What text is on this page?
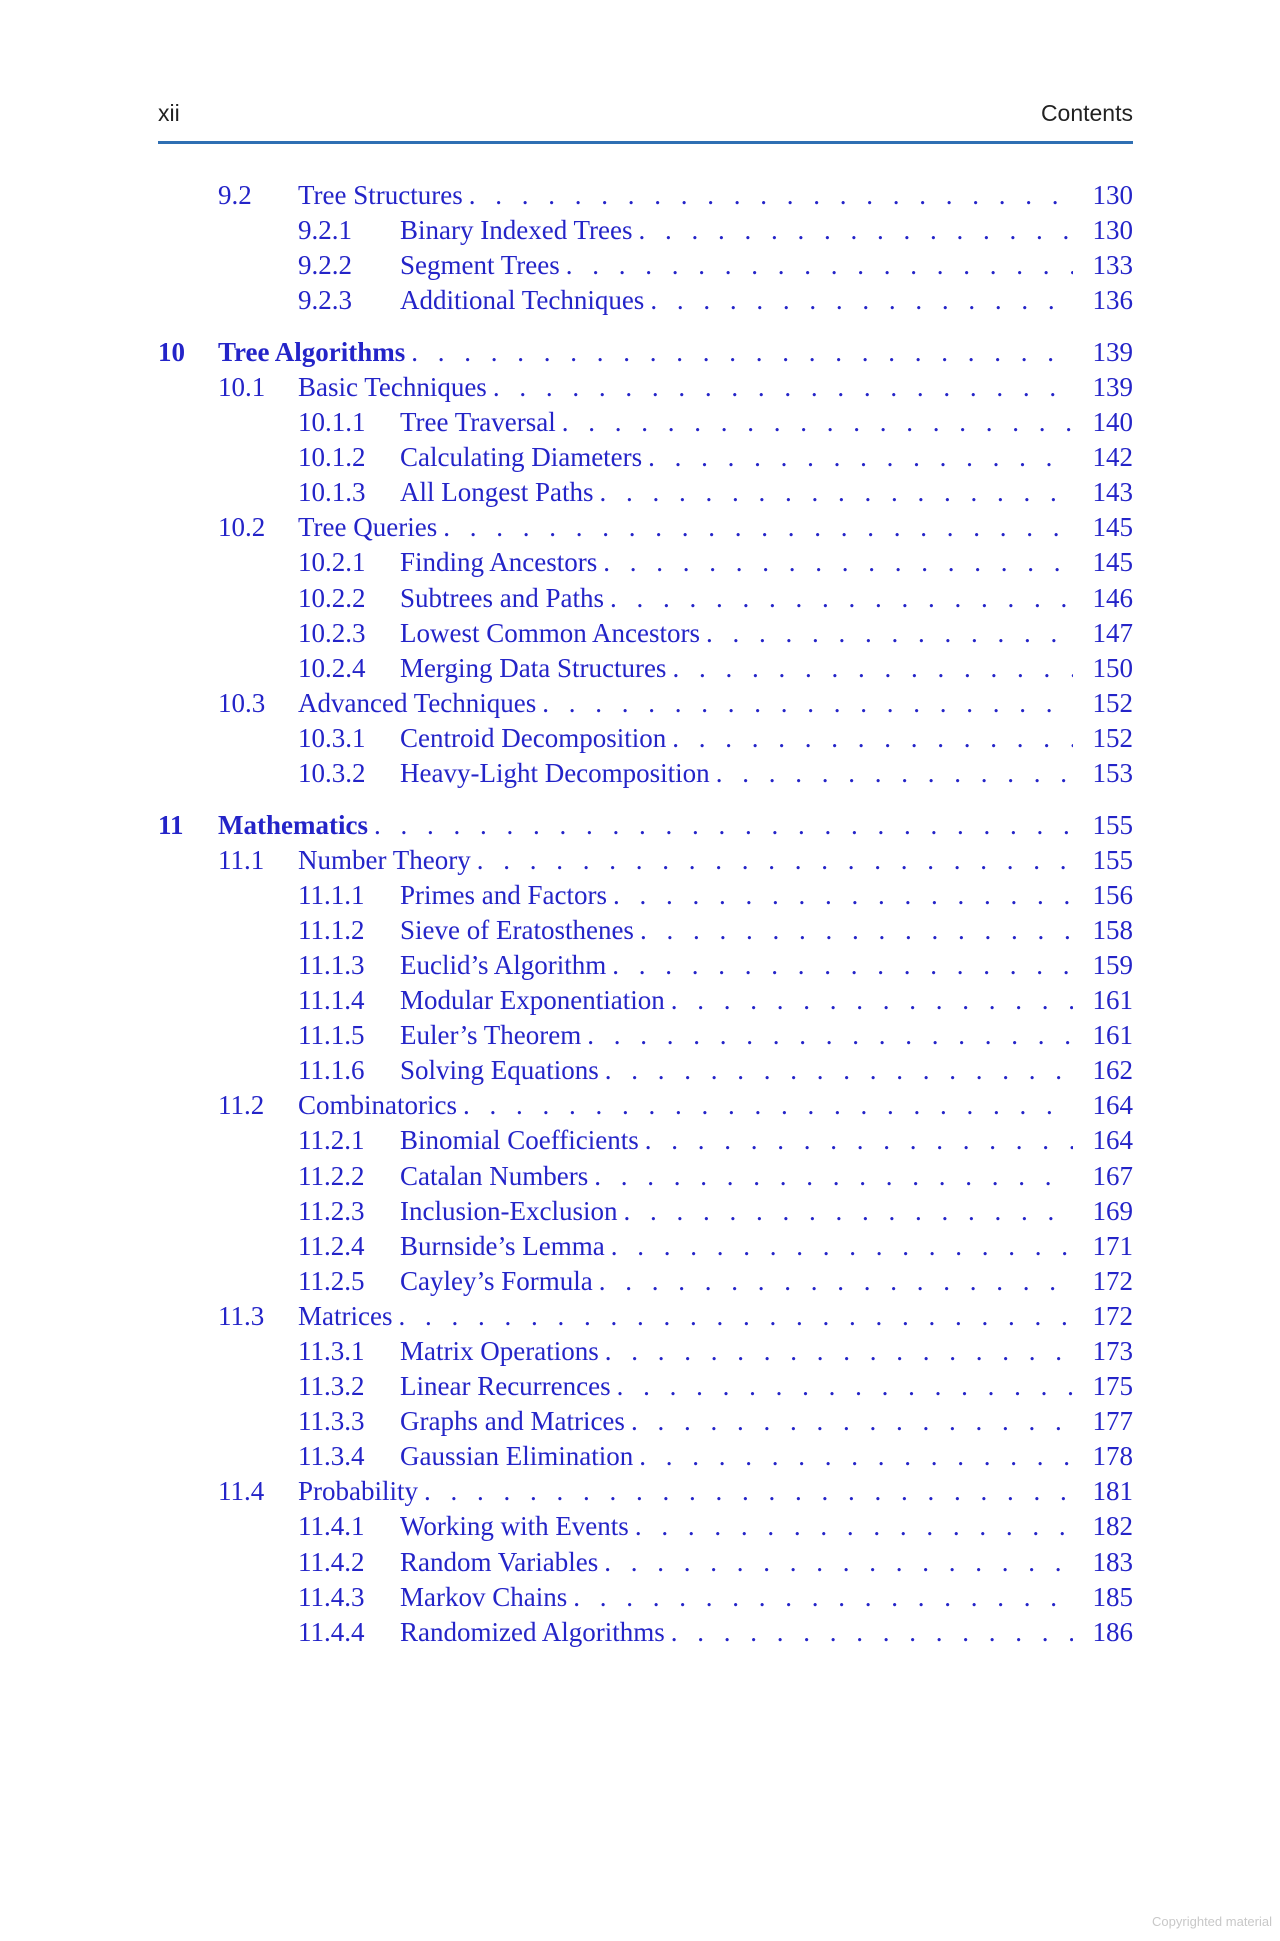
xii	Contents
9.2 Tree Structures . . .	130
9.2.1 Binary Indexed Trees . . .	130
9.2.2 Segment Trees . . .	133
9.2.3 Additional Techniques . . .	136
10 Tree Algorithms . . .	139
10.1 Basic Techniques . . .	139
10.1.1 Tree Traversal . . .	140
10.1.2 Calculating Diameters . . .	142
10.1.3 All Longest Paths . . .	143
10.2 Tree Queries . . .	145
10.2.1 Finding Ancestors . . .	145
10.2.2 Subtrees and Paths . . .	146
10.2.3 Lowest Common Ancestors . . .	147
10.2.4 Merging Data Structures . . .	150
10.3 Advanced Techniques . . .	152
10.3.1 Centroid Decomposition . . .	152
10.3.2 Heavy-Light Decomposition . . .	153
11 Mathematics . . .	155
11.1 Number Theory . . .	155
11.1.1 Primes and Factors . . .	156
11.1.2 Sieve of Eratosthenes . . .	158
11.1.3 Euclid’s Algorithm . . .	159
11.1.4 Modular Exponentiation . . .	161
11.1.5 Euler’s Theorem . . .	161
11.1.6 Solving Equations . . .	162
11.2 Combinatorics . . .	164
11.2.1 Binomial Coefficients . . .	164
11.2.2 Catalan Numbers . . .	167
11.2.3 Inclusion-Exclusion . . .	169
11.2.4 Burnside’s Lemma . . .	171
11.2.5 Cayley’s Formula . . .	172
11.3 Matrices . . .	172
11.3.1 Matrix Operations . . .	173
11.3.2 Linear Recurrences . . .	175
11.3.3 Graphs and Matrices . . .	177
11.3.4 Gaussian Elimination . . .	178
11.4 Probability . . .	181
11.4.1 Working with Events . . .	182
11.4.2 Random Variables . . .	183
11.4.3 Markov Chains . . .	185
11.4.4 Randomized Algorithms . . .	186
Copyrighted material
